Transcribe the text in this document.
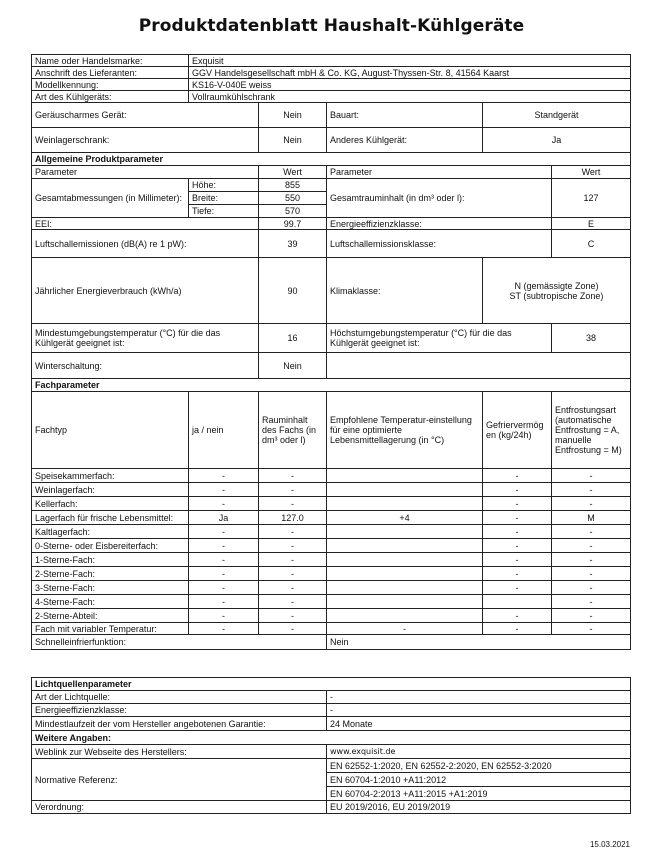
Produktdatenblatt Haushalt-Kühlgeräte
Name oder Handelsmarke:	Exquisit				
Anschrift des Lieferanten:	GGV Handelsgesellschaft mbH & Co. KG, August-Thyssen-Str. 8, 41564 Kaarst				
Modellkennung:	KS16-V-040E weiss				
Art des Kühlgeräts:	Vollraumkühlschrank				
Geräuscharmes Gerät:		Nein	Bauart:	Standgerät	
Weinlagerschrank:		Nein	Anderes Kühlgerät:	Ja	
Allgemeine Produktparameter					
Parameter		Wert	Parameter		Wert
Gesamtabmessungen (in Millimeter):	Höhe:	855	Gesamtrauminhalt (in dm³ oder l):		127
	Breite:	550			
	Tiefe:	570			
EEI:		99.7	Energieeffizienzklasse:		E
Luftschallemissionen (dB(A) re 1 pW):		39	Luftschallemissionsklasse:		C
Jährlicher Energieverbrauch (kWh/a)		90	Klimaklasse:	N (gemässigte Zone)
ST (subtropische Zone)	

Mindestumgebungstemperatur (°C) für die das Kühlgerät geeignet ist:		16	Höchstumgebungstemperatur (°C) für die das Kühlgerät geeignet ist:		38
Winterschaltung:		Nein			
Fachparameter					
Fachtyp	ja / nein	Rauminhalt des Fachs (in dm³ oder l)	Empfohlene Temperatur-einstellung für eine optimierte Lebensmittellagerung (in °C)	Gefriervermögen (kg/24h)	Entfrostungsart (automatische Entfrostung = A, manuelle Entfrostung = M)
Speisekammerfach:	-	-		-	-
Weinlagerfach:	-	-		-	-
Kellerfach:	-	-		-	-
Lagerfach für frische Lebensmittel:	Ja	127.0	+4	-	M
Kaltlagerfach:	-	-		-	-
0-Sterne- oder Eisbereiterfach:	-	-		-	-
1-Sterne-Fach:	-	-		-	-
2-Sterne-Fach:	-	-		-	-
3-Sterne-Fach:	-	-		-	-
4-Sterne-Fach:	-	-			-
2-Sterne-Abteil:	-	-		-	-
Fach mit variabler Temperatur:	-	-	-	-	-
Schnelleinfrierfunktion:			Nein		
Lichtquellenparameter	
Art der Lichtquelle:	-
Energieeffizienzklasse:	-
Mindestlaufzeit der vom Hersteller angebotenen Garantie:	24 Monate
Weitere Angaben:	
Weblink zur Webseite des Herstellers:	www.exquisit.de
Normative Referenz:	EN 62552-1:2020, EN 62552-2:2020, EN 62552-3:2020
	EN 60704-1:2010 +A11:2012
	EN 60704-2:2013 +A11:2015 +A1:2019
Verordnung:	EU 2019/2016, EU 2019/2019
15.03.2021
